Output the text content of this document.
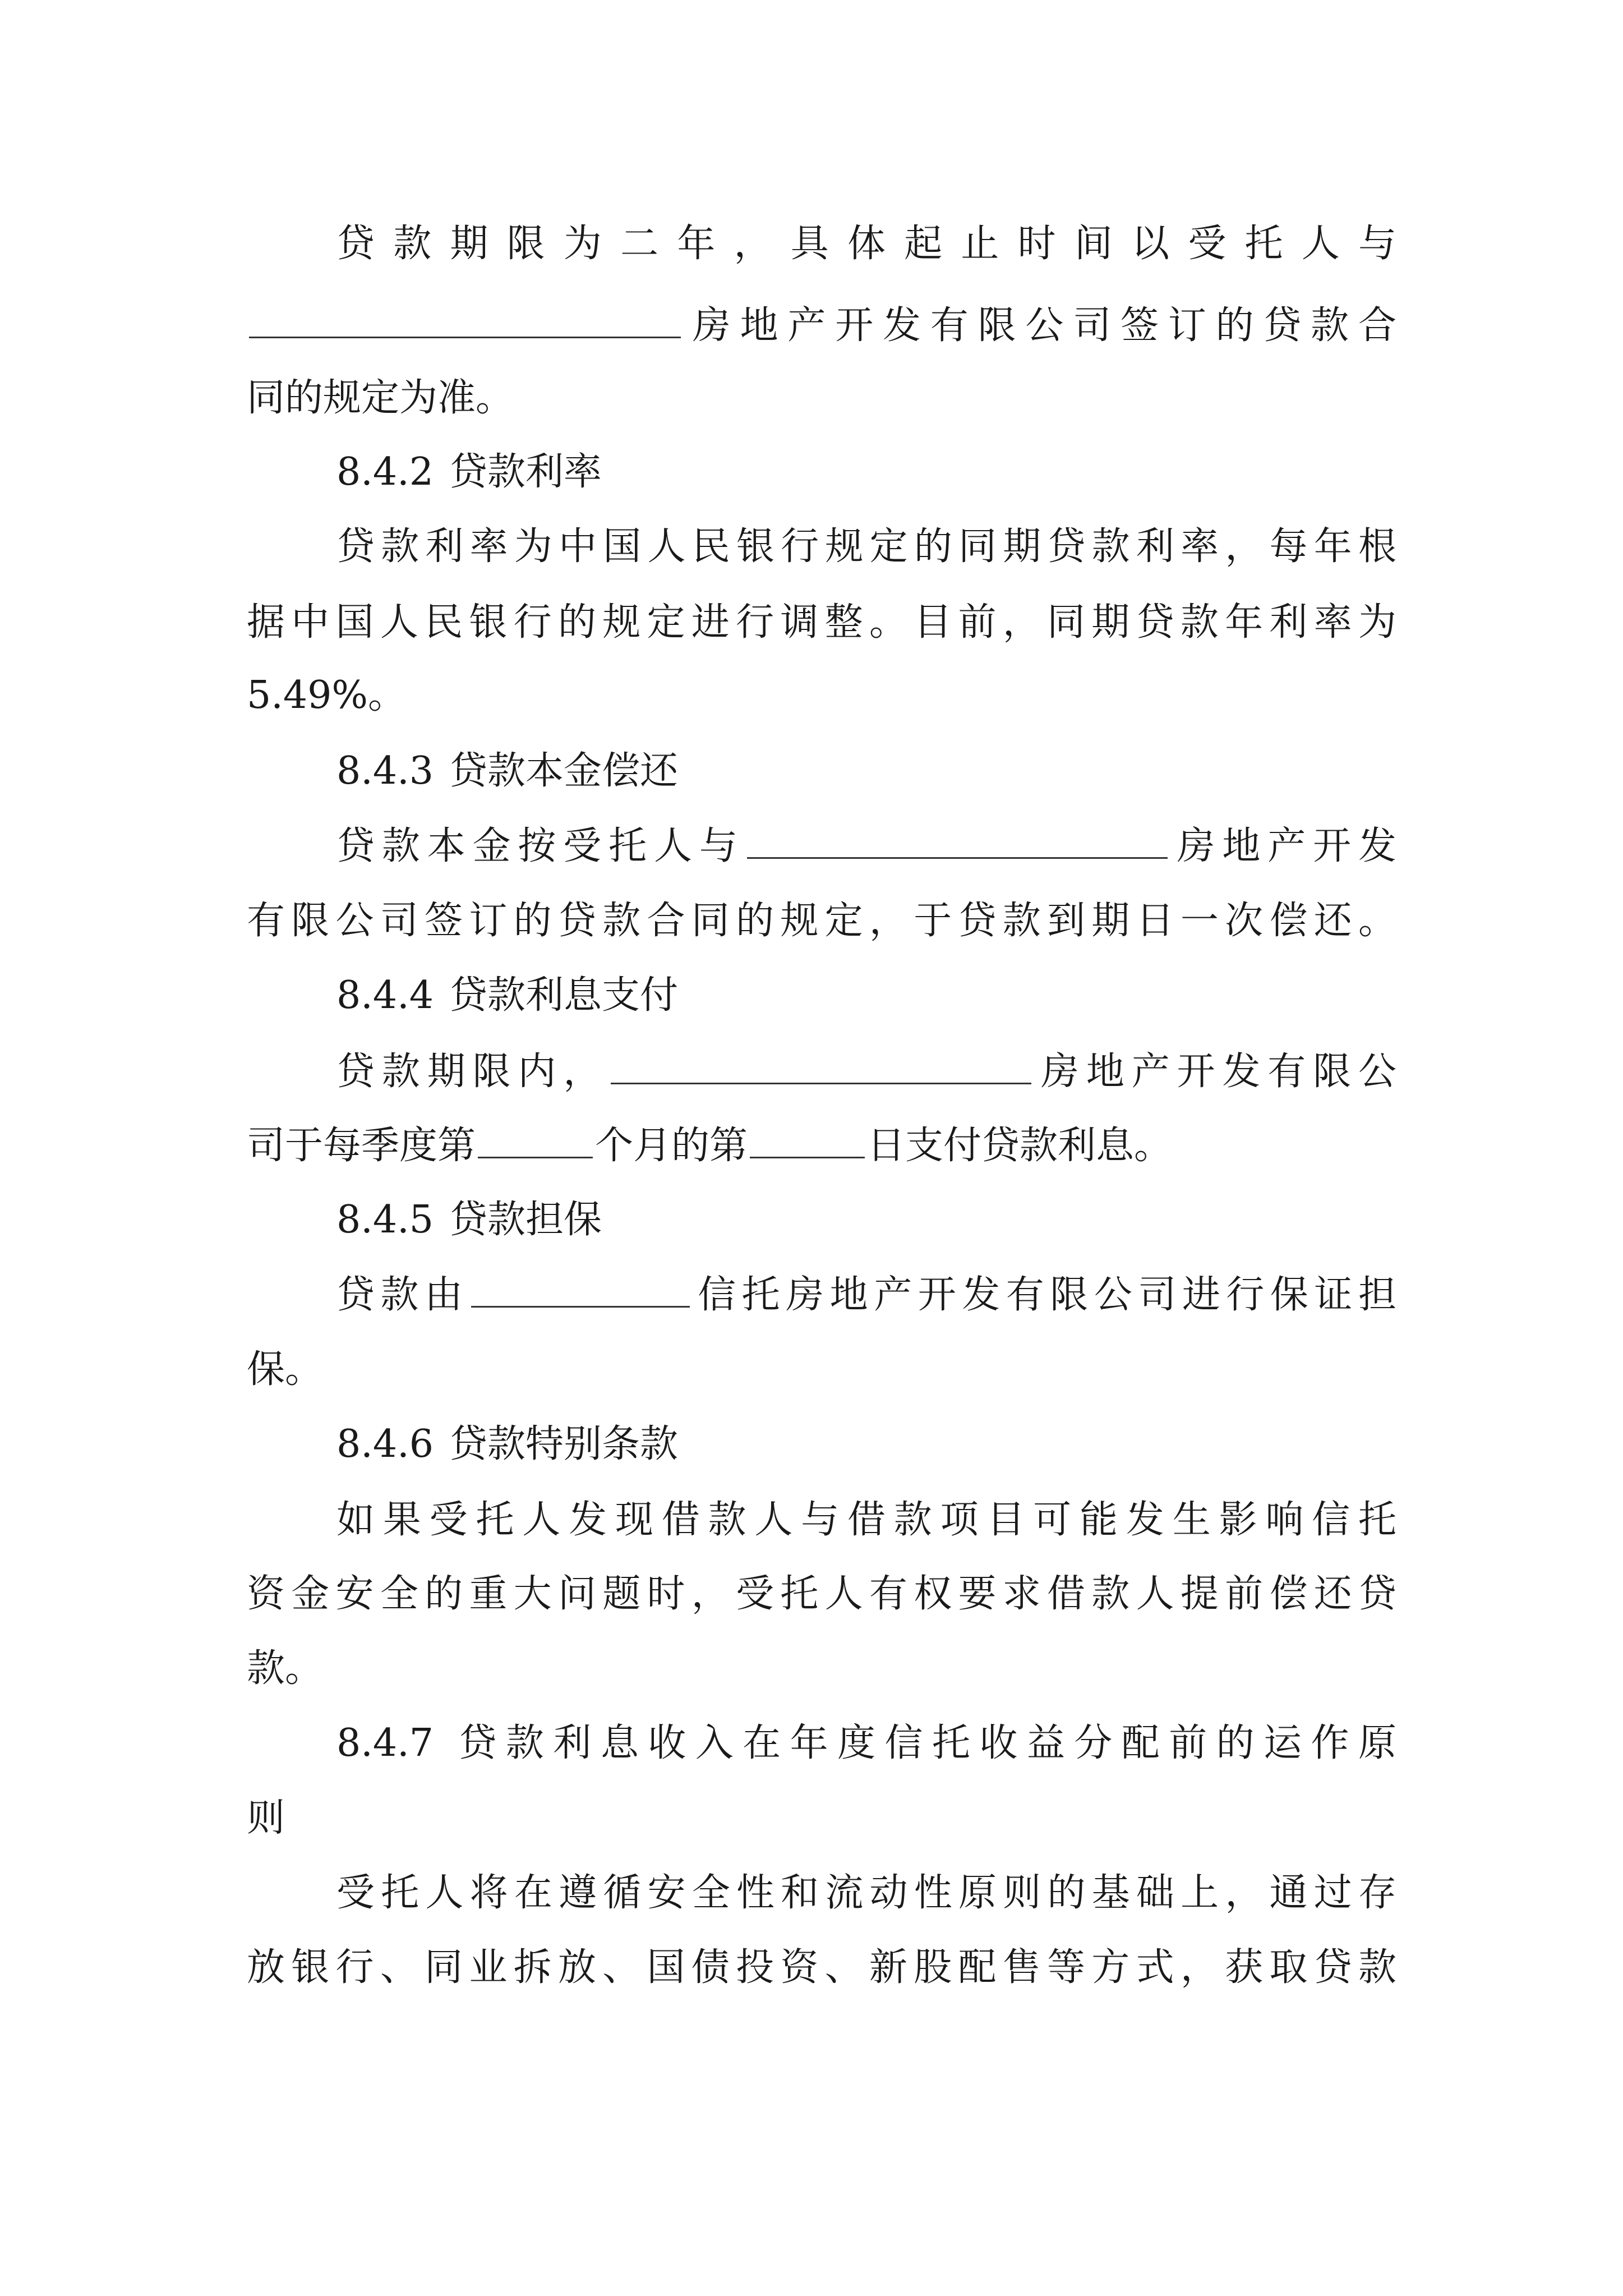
贷款期限为二年，具体起止时间以受托人与
房地产开发有限公司签订的贷款合
同的规定为准。
8.4.2 贷款利率
贷款利率为中国人民银行规定的同期贷款利率，每年根
据中国人民银行的规定进行调整。目前，同期贷款年利率为
5.49%。
8.4.3 贷款本金偿还
贷款本金按受托人与	房地产开发
有限公司签订的贷款合同的规定，于贷款到期日一次偿还。
8.4.4 贷款利息支付
贷款期限内，	房地产开发有限公
司于每季度第	个月的第	日支付贷款利息。
8.4.5 贷款担保
贷款由	信托房地产开发有限公司进行保证担
保。
8.4.6 贷款特别条款
如果受托人发现借款人与借款项目可能发生影响信托
资金安全的重大问题时，受托人有权要求借款人提前偿还贷
款。
8.4.7 贷款利息收入在年度信托收益分配前的运作原
则
受托人将在遵循安全性和流动性原则的基础上，通过存
放银行、同业拆放、国债投资、新股配售等方式，获取贷款
